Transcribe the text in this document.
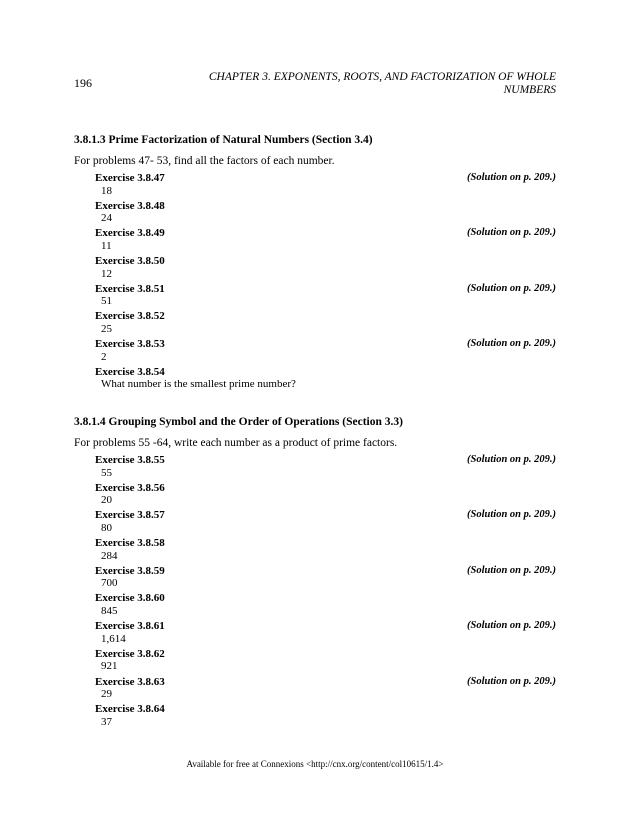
196	CHAPTER 3. EXPONENTS, ROOTS, AND FACTORIZATION OF WHOLE
NUMBERS
3.8.1.3 Prime Factorization of Natural Numbers (Section 3.4)
For problems 47- 53, find all the factors of each number.
Exercise 3.8.47	(Solution on p. 209.)
18
Exercise 3.8.48
24
Exercise 3.8.49	(Solution on p. 209.)
11
Exercise 3.8.50
12
Exercise 3.8.51	(Solution on p. 209.)
51
Exercise 3.8.52
25
Exercise 3.8.53	(Solution on p. 209.)
2
Exercise 3.8.54
What number is the smallest prime number?
3.8.1.4 Grouping Symbol and the Order of Operations (Section 3.3)
For problems 55 -64, write each number as a product of prime factors.
Exercise 3.8.55	(Solution on p. 209.)
55
Exercise 3.8.56
20
Exercise 3.8.57	(Solution on p. 209.)
80
Exercise 3.8.58
284
Exercise 3.8.59	(Solution on p. 209.)
700
Exercise 3.8.60
845
Exercise 3.8.61	(Solution on p. 209.)
1,614
Exercise 3.8.62
921
Exercise 3.8.63	(Solution on p. 209.)
29
Exercise 3.8.64
37
Available for free at Connexions <http://cnx.org/content/col10615/1.4>
